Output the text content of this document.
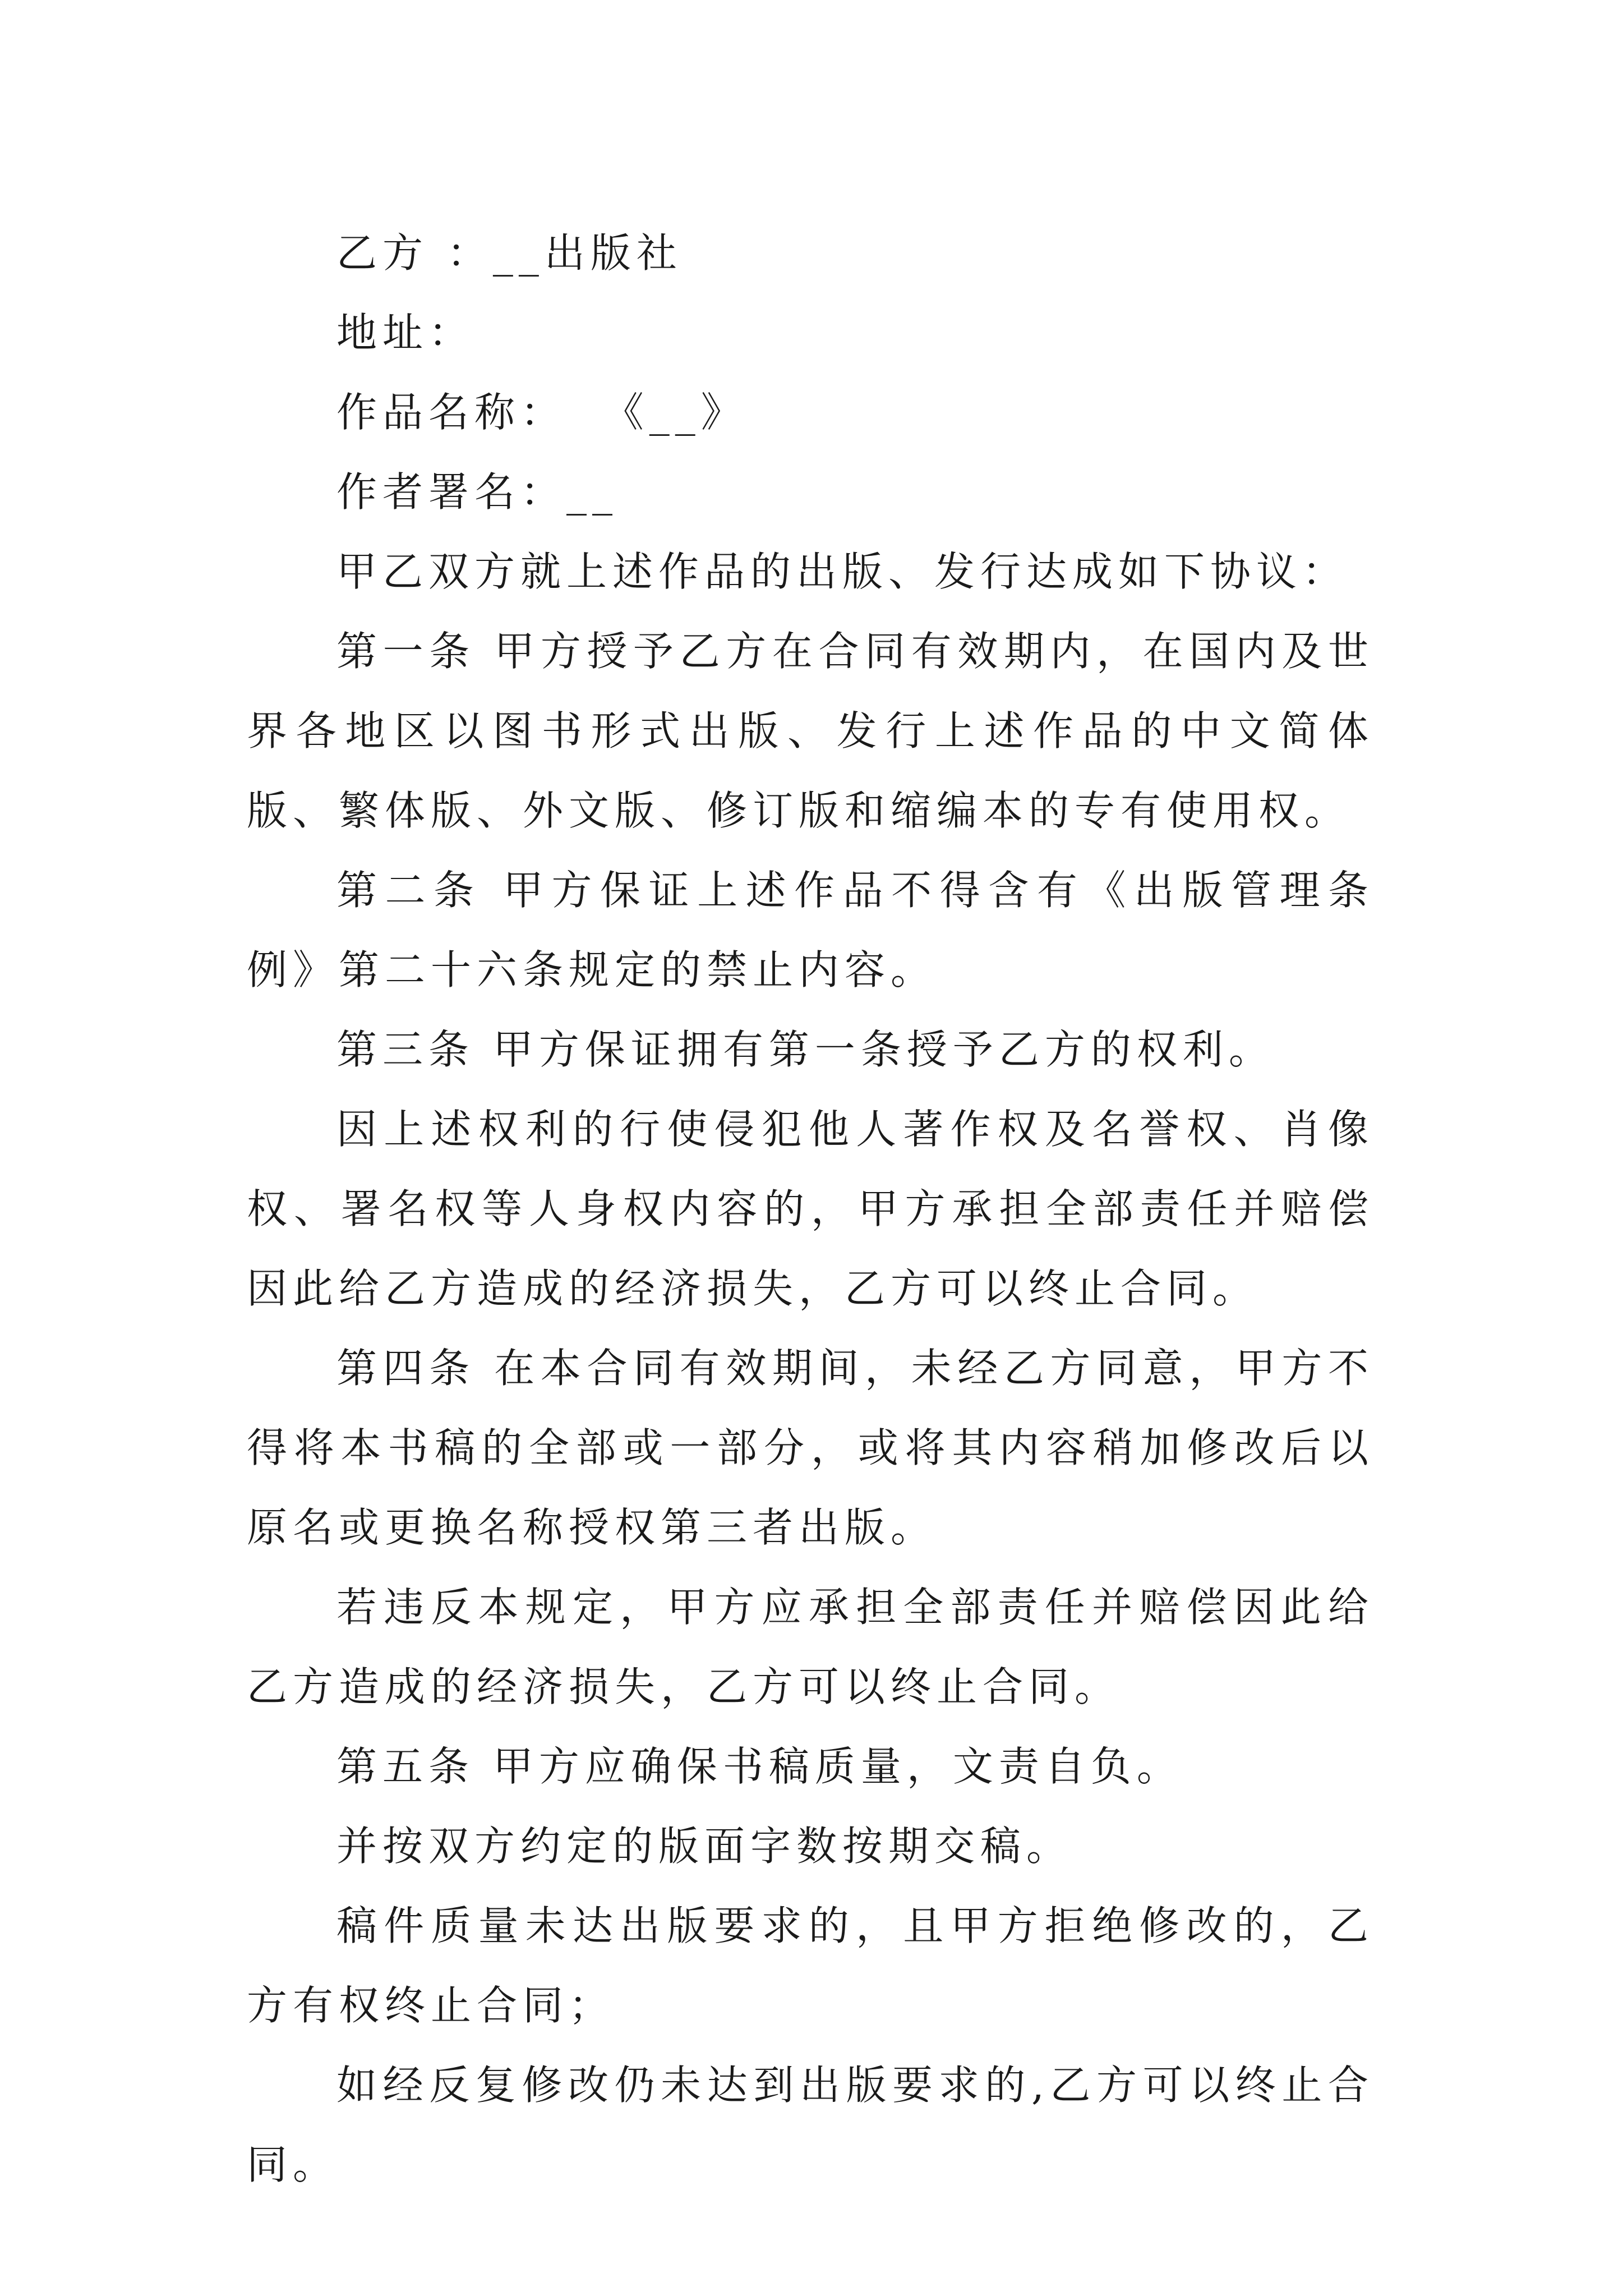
乙方 ：__出版社

地址：

作品名称：  《__》

作者署名：__

甲乙双方就上述作品的出版、发行达成如下协议：

第一条 甲方授予乙方在合同有效期内，在国内及世界各地区以图书形式出版、发行上述作品的中文简体版、繁体版、外文版、修订版和缩编本的专有使用权。

第二条 甲方保证上述作品不得含有《出版管理条例》第二十六条规定的禁止内容。

第三条 甲方保证拥有第一条授予乙方的权利。

因上述权利的行使侵犯他人著作权及名誉权、肖像权、署名权等人身权内容的，甲方承担全部责任并赔偿因此给乙方造成的经济损失，乙方可以终止合同。

第四条 在本合同有效期间，未经乙方同意，甲方不得将本书稿的全部或一部分，或将其内容稍加修改后以原名或更换名称授权第三者出版。

若违反本规定，甲方应承担全部责任并赔偿因此给乙方造成的经济损失，乙方可以终止合同。

第五条 甲方应确保书稿质量，文责自负。

并按双方约定的版面字数按期交稿。

稿件质量未达出版要求的，且甲方拒绝修改的，乙方有权终止合同；

如经反复修改仍未达到出版要求的,乙方可以终止合同。
